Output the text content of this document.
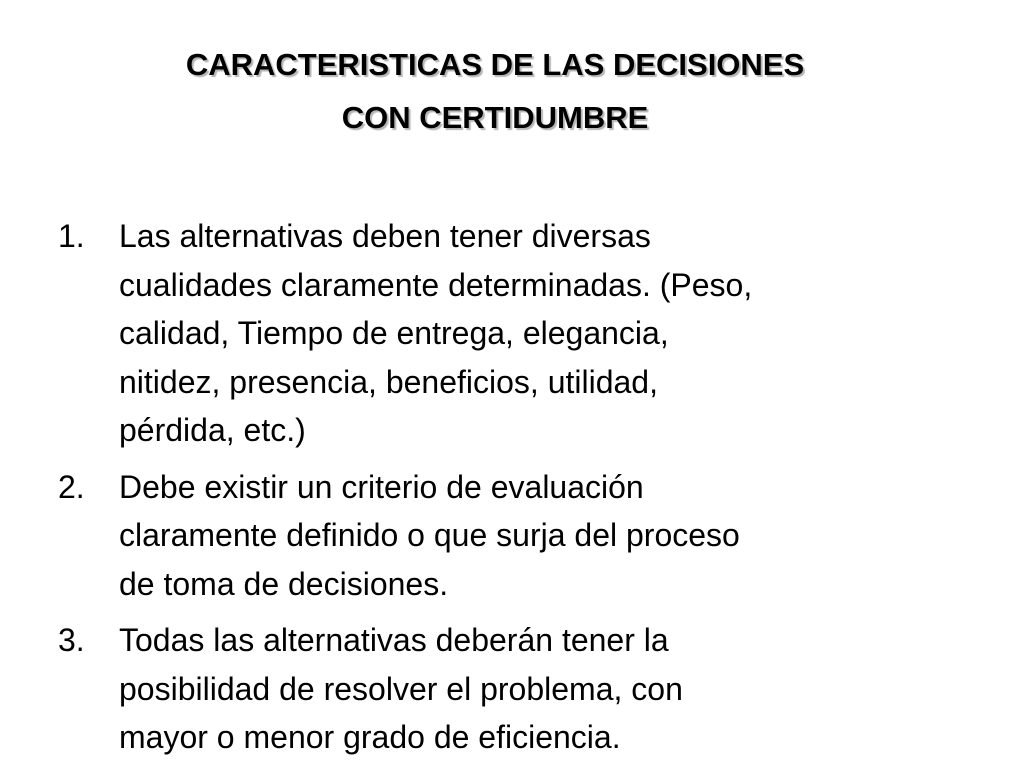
CARACTERISTICAS DE LAS DECISIONES
CON CERTIDUMBRE
1. Las alternativas deben tener diversas
cualidades claramente determinadas. (Peso,
calidad, Tiempo de entrega, elegancia,
nitidez, presencia, beneficios, utilidad,
pérdida, etc.)
2. Debe existir un criterio de evaluación
claramente definido o que surja del proceso
de toma de decisiones.
3. Todas las alternativas deberán tener la
posibilidad de resolver el problema, con
mayor o menor grado de eficiencia.
